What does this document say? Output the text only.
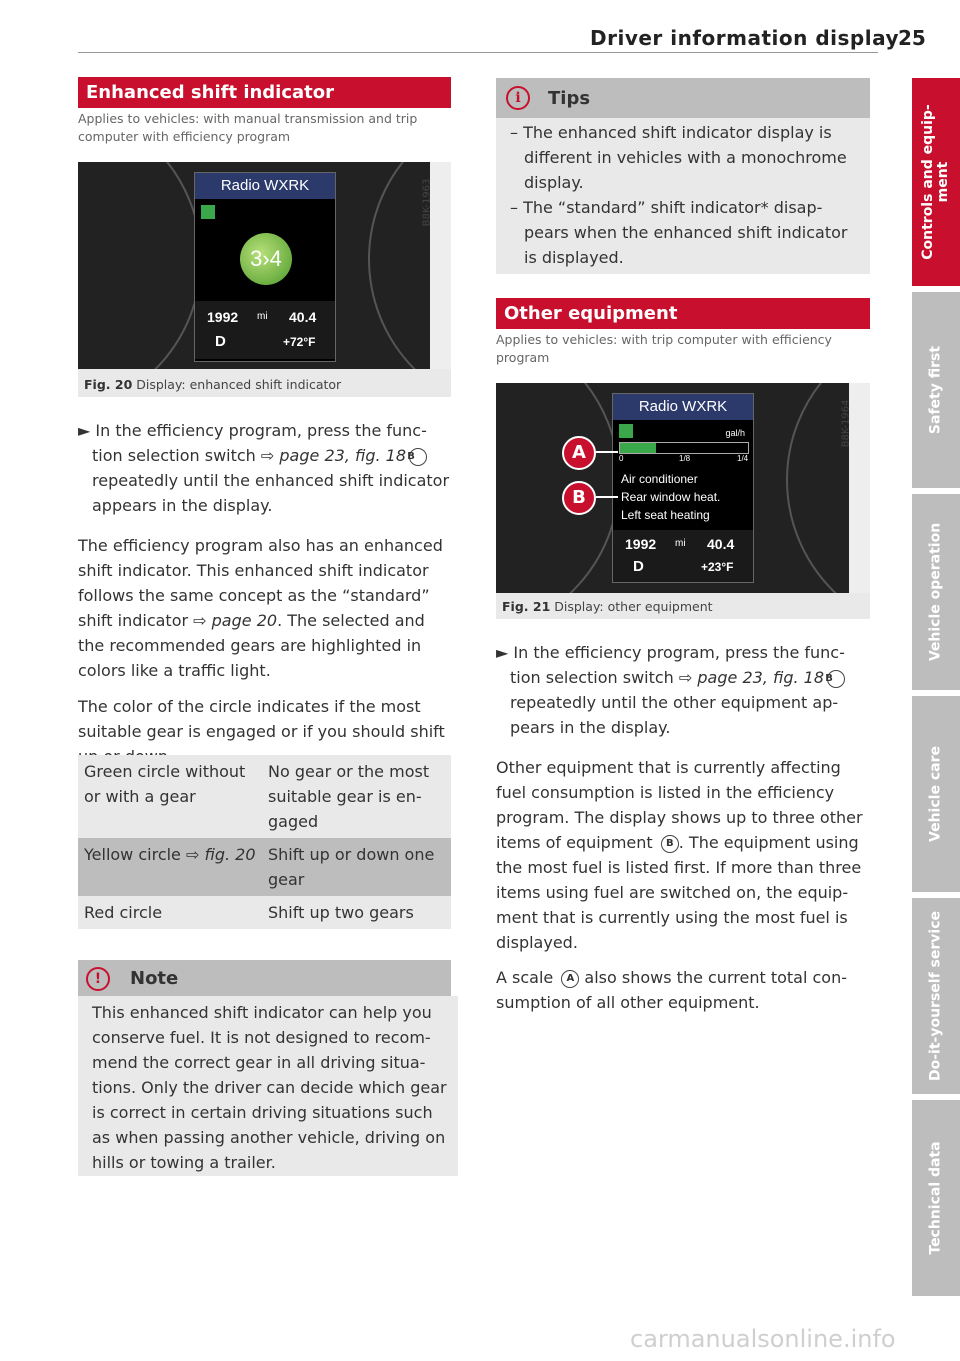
Driver information display
25
Enhanced shift indicator
Applies to vehicles: with manual transmission and trip computer with efficiency program
Radio WXRK
3›4
1992 mi 40.4
D	+72°F
B8K-1963
Fig. 20 Display: enhanced shift indicator

► In the efficiency program, press the func-tion selection switch ⇨ page 23, fig. 18B repeatedly until the enhanced shift indicator appears in the display.

The efficiency program also has an enhanced shift indicator. This enhanced shift indicator follows the same concept as the “standard” shift indicator ⇨ page 20. The selected and the recommended gears are highlighted in colors like a traffic light.

The color of the circle indicates if the most suitable gear is engaged or if you should shift up or down.
Green circle without or with a gear	No gear or the most suitable gear is en-gaged
Yellow circle ⇨ fig. 20	Shift up or down one gear
Red circle	Shift up two gears
!	Note
This enhanced shift indicator can help you conserve fuel. It is not designed to recom-mend the correct gear in all driving situa-tions. Only the driver can decide which gear is correct in certain driving situations such as when passing another vehicle, driving on hills or towing a trailer.
i	Tips

– The enhanced shift indicator display is different in vehicles with a monochrome display.

– The “standard” shift indicator* disap-pears when the enhanced shift indicator is displayed.

Other equipment
Applies to vehicles: with trip computer with efficiency program
Radio WXRK
gal/h
0	1/8	1/4
Air conditioner
Rear window heat.
Left seat heating
1992 mi 40.4
D	+23°F
A
B
B8K-1964
Fig. 21 Display: other equipment

► In the efficiency program, press the func-tion selection switch ⇨ page 23, fig. 18B repeatedly until the other equipment ap-pears in the display.

Other equipment that is currently affecting fuel consumption is listed in the efficiency program. The display shows up to three other items of equipment B . The equipment using the most fuel is listed first. If more than three items using fuel are switched on, the equip-ment that is currently using the most fuel is displayed.

A scale A also shows the current total con-sumption of all other equipment.

Controls and equip-ment
Safety first
Vehicle operation
Vehicle care
Do-it-yourself service
Technical data
carmanualsonline.info
